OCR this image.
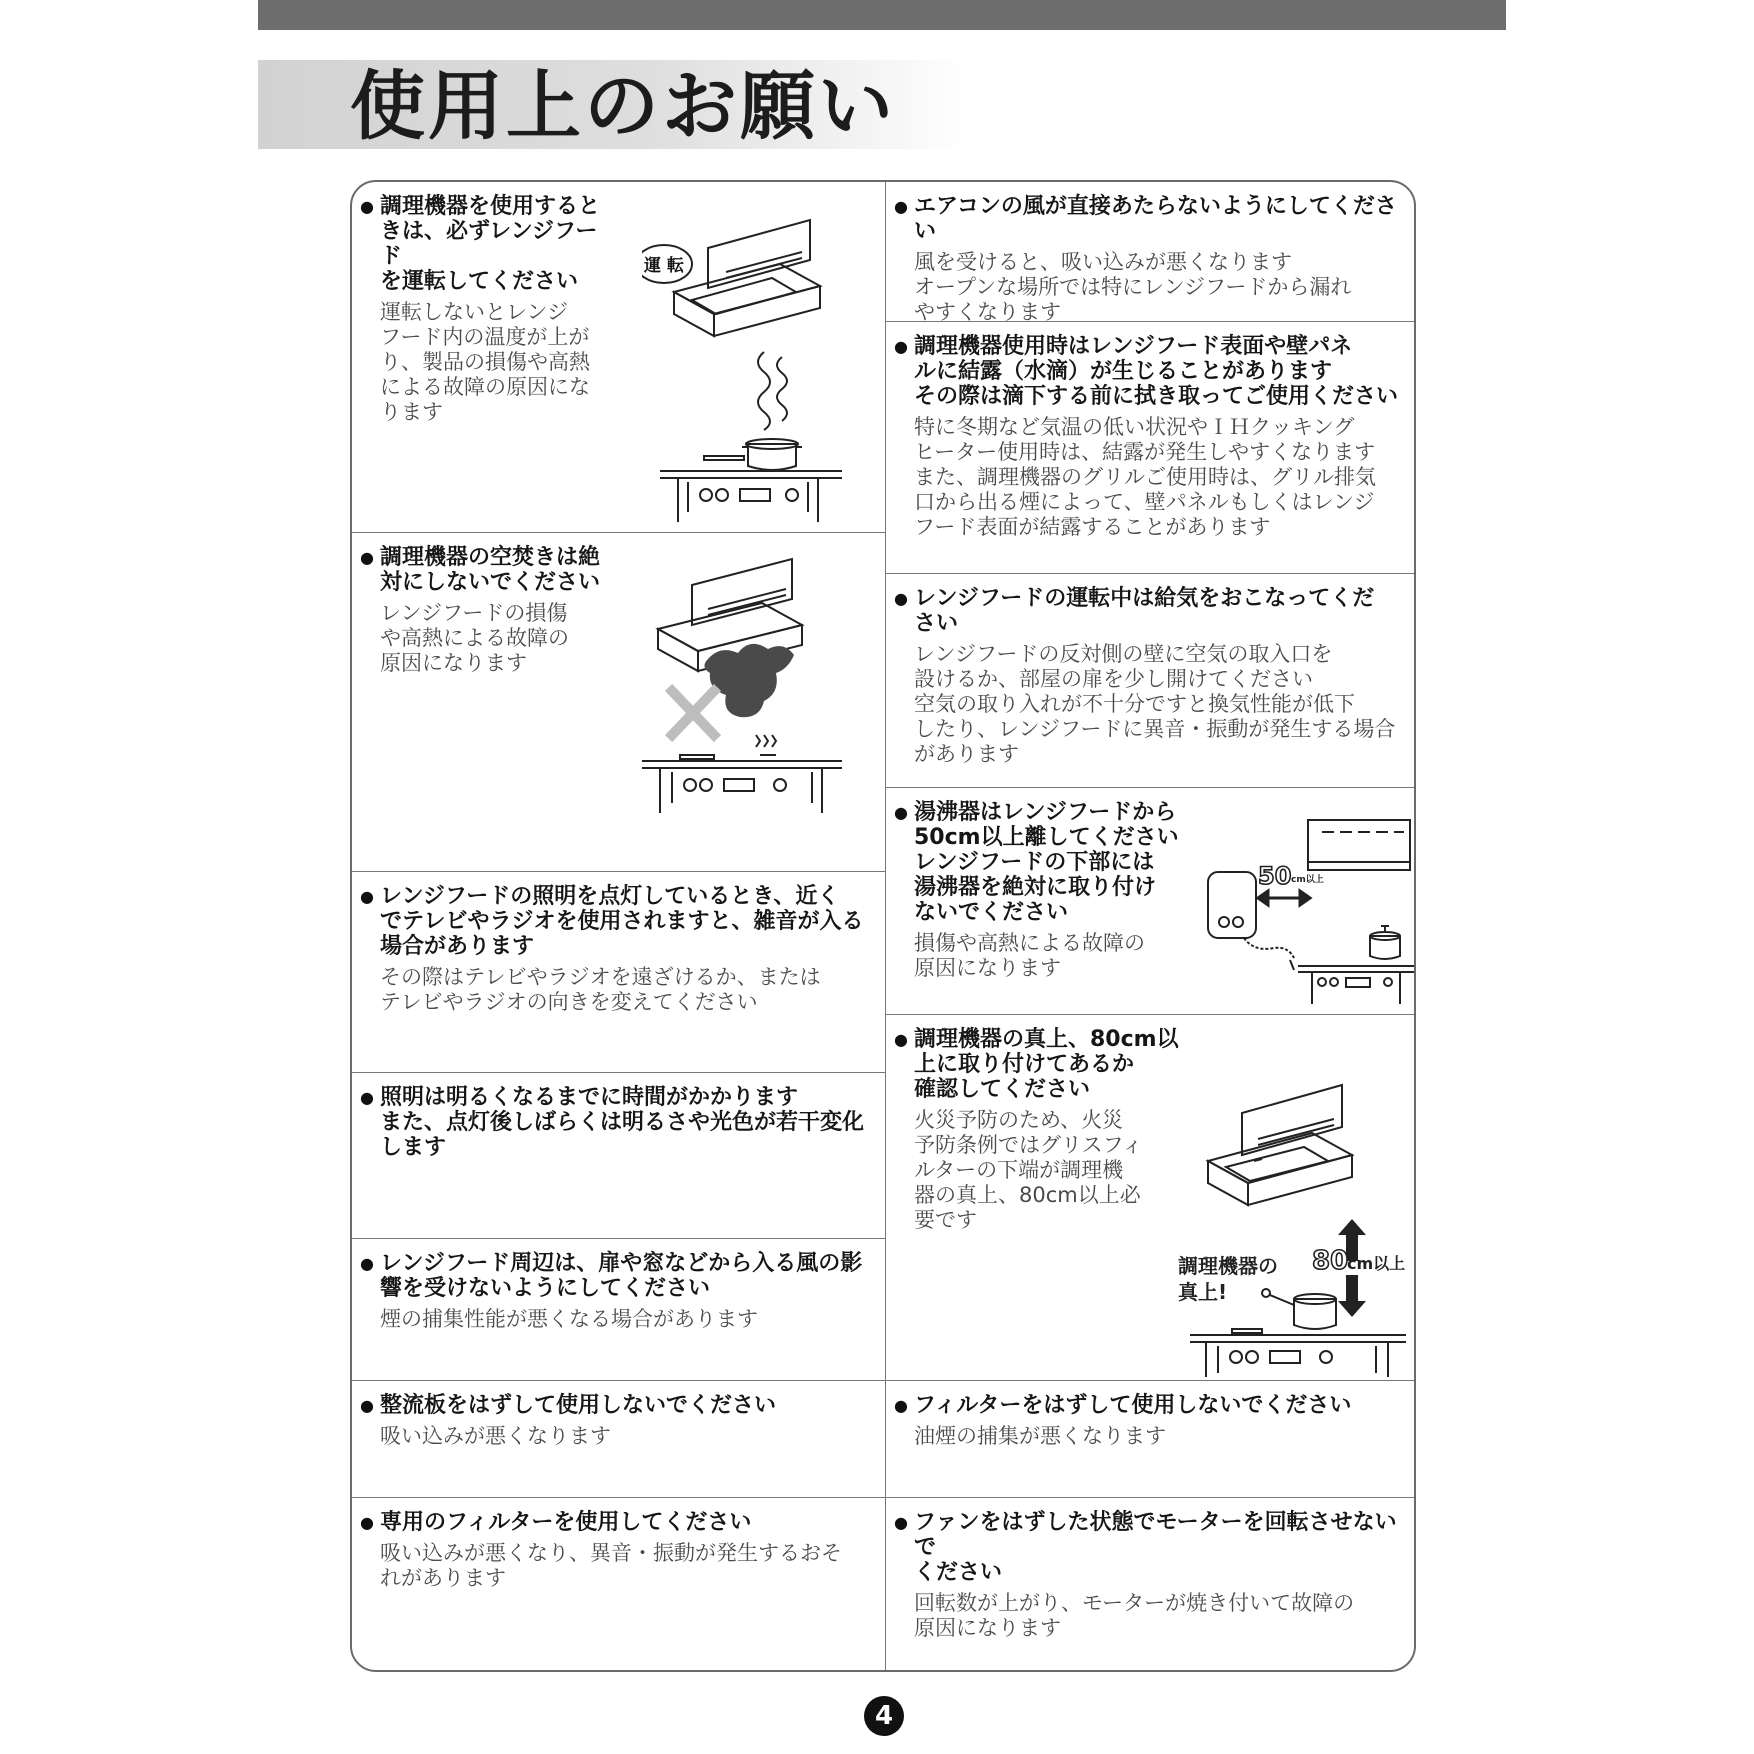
使用上のお願い
● 調理機器を使用すると
きは、必ずレンジフード
を運転してください

運転しないとレンジ
フード内の温度が上が
り、製品の損傷や高熱
による故障の原因にな
ります

運 転
● 調理機器の空焚きは絶
対にしないでください

レンジフードの損傷
や高熱による故障の
原因になります

● レンジフードの照明を点灯しているとき、近く
でテレビやラジオを使用されますと、雑音が入る
場合があります

その際はテレビやラジオを遠ざけるか、または
テレビやラジオの向きを変えてください

● 照明は明るくなるまでに時間がかかります
また、点灯後しばらくは明るさや光色が若干変化
します

● レンジフード周辺は、扉や窓などから入る風の影
響を受けないようにしてください

煙の捕集性能が悪くなる場合があります

● 整流板をはずして使用しないでください

吸い込みが悪くなります

● 専用のフィルターを使用してください

吸い込みが悪くなり、異音・振動が発生するおそ
れがあります

● エアコンの風が直接あたらないようにしてください

風を受けると、吸い込みが悪くなります
オープンな場所では特にレンジフードから漏れ
やすくなります

● 調理機器使用時はレンジフード表面や壁パネ
ルに結露（水滴）が生じることがあります
その際は滴下する前に拭き取ってご使用ください

特に冬期など気温の低い状況やＩＨクッキング
ヒーター使用時は、結露が発生しやすくなります
また、調理機器のグリルご使用時は、グリル排気
口から出る煙によって、壁パネルもしくはレンジ
フード表面が結露することがあります

● レンジフードの運転中は給気をおこなってくだ
さい

レンジフードの反対側の壁に空気の取入口を
設けるか、部屋の扉を少し開けてください
空気の取り入れが不十分ですと換気性能が低下
したり、レンジフードに異音・振動が発生する場合
があります

● 湯沸器はレンジフードから
50cm以上離してください
レンジフードの下部には
湯沸器を絶対に取り付け
ないでください

損傷や高熱による故障の
原因になります

50 cm以上
● 調理機器の真上、80cm以上に取り付けてあるか
確認してください

火災予防のため、火災
予防条例ではグリスフィ
ルターの下端が調理機
器の真上、80cm以上必
要です

調理機器の
真上!
80
cm以上
● フィルターをはずして使用しないでください

油煙の捕集が悪くなります

● ファンをはずした状態でモーターを回転させないで
ください

回転数が上がり、モーターが焼き付いて故障の
原因になります

4
